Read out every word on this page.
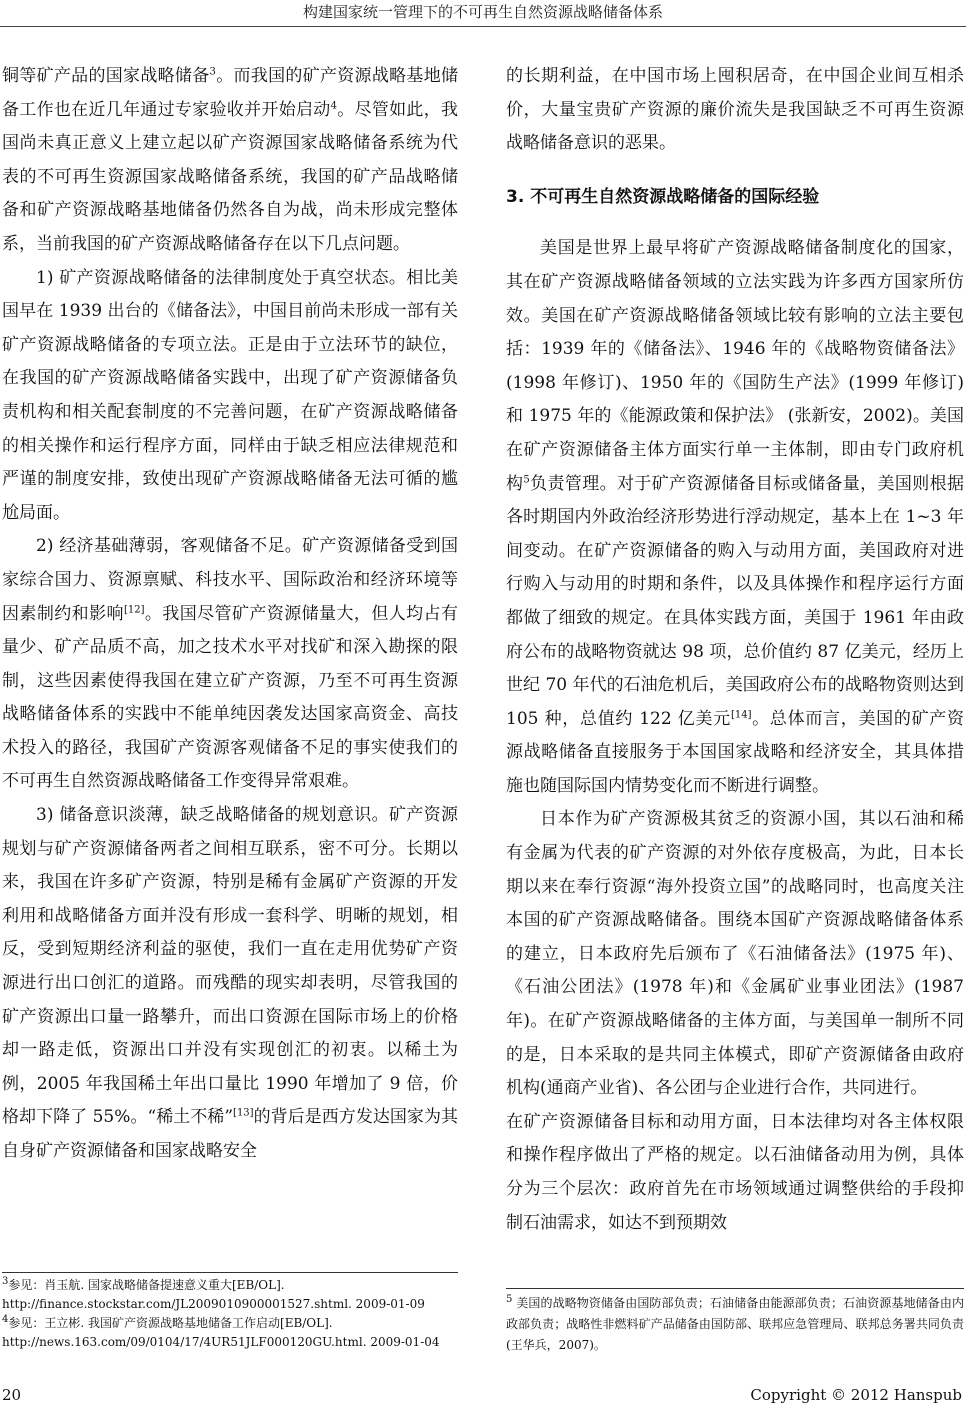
构建国家统一管理下的不可再生自然资源战略储备体系

铜等矿产品的国家战略储备$^3$。而我国的矿产资源战略基地储备工作也在近几年通过专家验收并开始启动$^4$。尽管如此，我国尚未真正意义上建立起以矿产资源国家战略储备系统为代表的不可再生资源国家战略储备系统，我国的矿产品战略储备和矿产资源战略基地储备仍然各自为战，尚未形成完整体系，当前我国的矿产资源战略储备存在以下几点问题。

1) 矿产资源战略储备的法律制度处于真空状态。相比美国早在 1939 出台的《储备法》，中国目前尚未形成一部有关矿产资源战略储备的专项立法。正是由于立法环节的缺位，在我国的矿产资源战略储备实践中，出现了矿产资源储备负责机构和相关配套制度的不完善问题，在矿产资源战略储备的相关操作和运行程序方面，同样由于缺乏相应法律规范和严谨的制度安排，致使出现矿产资源战略储备无法可循的尴尬局面。

2) 经济基础薄弱，客观储备不足。矿产资源储备受到国家综合国力、资源禀赋、科技水平、国际政治和经济环境等因素制约和影响[12]。我国尽管矿产资源储量大，但人均占有量少、矿产品质不高，加之技术水平对找矿和深入勘探的限制，这些因素使得我国在建立矿产资源，乃至不可再生资源战略储备体系的实践中不能单纯因袭发达国家高资金、高技术投入的路径，我国矿产资源客观储备不足的事实使我们的不可再生自然资源战略储备工作变得异常艰难。

3) 储备意识淡薄，缺乏战略储备的规划意识。矿产资源规划与矿产资源储备两者之间相互联系，密不可分。长期以来，我国在许多矿产资源，特别是稀有金属矿产资源的开发利用和战略储备方面并没有形成一套科学、明晰的规划，相反，受到短期经济利益的驱使，我们一直在走用优势矿产资源进行出口创汇的道路。而残酷的现实却表明，尽管我国的矿产资源出口量一路攀升，而出口资源在国际市场上的价格却一路走低，资源出口并没有实现创汇的初衷。以稀土为例，2005 年我国稀土年出口量比 1990 年增加了 9 倍，价格却下降了 55%。“稀土不稀”[13]的背后是西方发达国家为其自身矿产资源储备和国家战略安全

的长期利益，在中国市场上囤积居奇，在中国企业间互相杀价，大量宝贵矿产资源的廉价流失是我国缺乏不可再生资源战略储备意识的恶果。

3. 不可再生自然资源战略储备的国际经验

美国是世界上最早将矿产资源战略储备制度化的国家，其在矿产资源战略储备领域的立法实践为许多西方国家所仿效。美国在矿产资源战略储备领域比较有影响的立法主要包括：1939 年的《储备法》、1946 年的《战略物资储备法》(1998 年修订)、1950 年的《国防生产法》(1999 年修订)和 1975 年的《能源政策和保护法》 (张新安，2002)。美国在矿产资源储备主体方面实行单一主体制，即由专门政府机构$^5$负责管理。对于矿产资源储备目标或储备量，美国则根据各时期国内外政治经济形势进行浮动规定，基本上在 1~3 年间变动。在矿产资源储备的购入与动用方面，美国政府对进行购入与动用的时期和条件，以及具体操作和程序运行方面都做了细致的规定。在具体实践方面，美国于 1961 年由政府公布的战略物资就达 98 项，总价值约 87 亿美元，经历上世纪 70 年代的石油危机后，美国政府公布的战略物资则达到 105 种，总值约 122 亿美元[14]。总体而言，美国的矿产资源战略储备直接服务于本国国家战略和经济安全，其具体措施也随国际国内情势变化而不断进行调整。

日本作为矿产资源极其贫乏的资源小国，其以石油和稀有金属为代表的矿产资源的对外依存度极高，为此，日本长期以来在奉行资源“海外投资立国”的战略同时，也高度关注本国的矿产资源战略储备。围绕本国矿产资源战略储备体系的建立，日本政府先后颁布了《石油储备法》(1975 年)、《石油公团法》(1978 年)和《金属矿业事业团法》(1987 年)。在矿产资源战略储备的主体方面，与美国单一制所不同的是，日本采取的是共同主体模式，即矿产资源储备由政府机构(通商产业省)、各公团与企业进行合作，共同进行。

在矿产资源储备目标和动用方面，日本法律均对各主体权限和操作程序做出了严格的规定。以石油储备动用为例，具体分为三个层次：政府首先在市场领域通过调整供给的手段抑制石油需求，如达不到预期效

$^3$参见：肖玉航. 国家战略储备提速意义重大[EB/OL].
http://finance.stockstar.com/JL2009010900001527.shtml. 2009-01-09
$^4$参见：王立彬. 我国矿产资源战略基地储备工作启动[EB/OL].
http://news.163.com/09/0104/17/4UR51JLF000120GU.html. 2009-01-04
$^5$ 美国的战略物资储备由国防部负责；石油储备由能源部负责；石油资源基地储备由内政部负责；战略性非燃料矿产品储备由国防部、联邦应急管理局、联邦总务署共同负责(王华兵，2007)。
20	Copyright © 2012 Hanspub
